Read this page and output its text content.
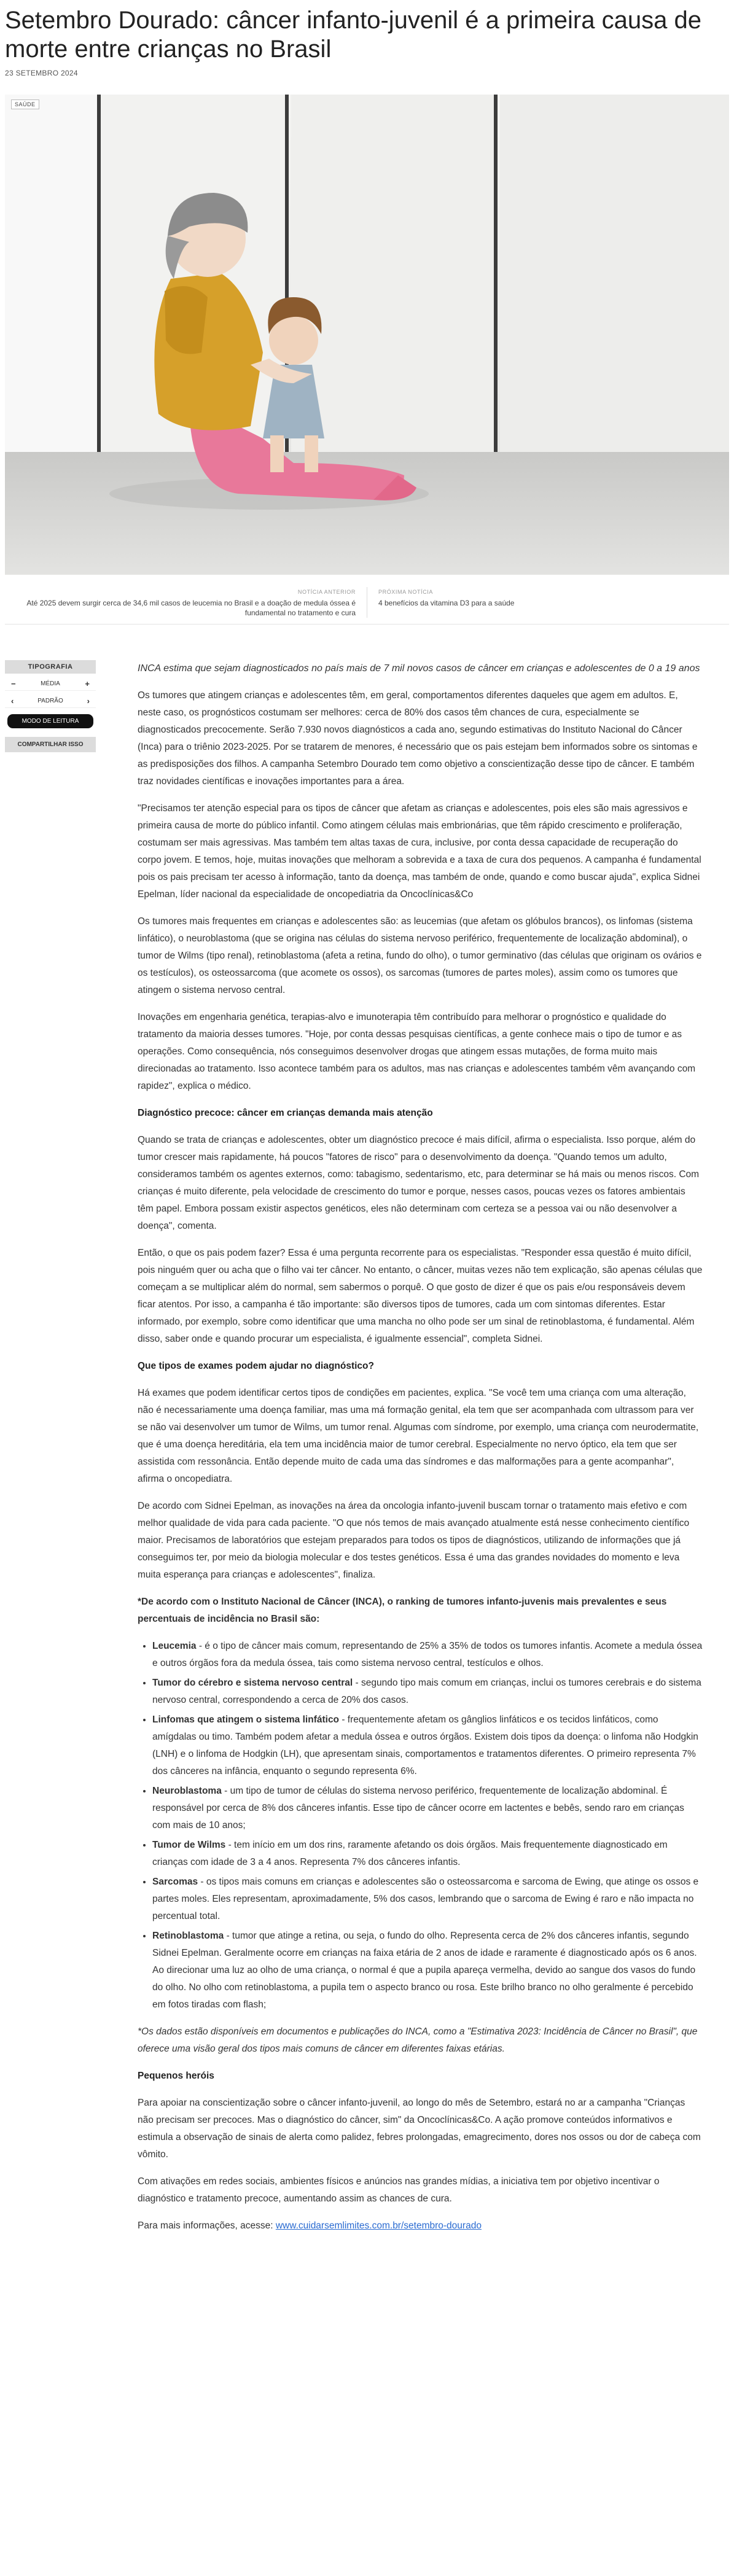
Setembro Dourado: câncer infanto-juvenil é a primeira causa de morte entre crianças no Brasil
23 SETEMBRO 2024
SAÚDE
NOTÍCIA ANTERIOR
Até 2025 devem surgir cerca de 34,6 mil casos de leucemia no Brasil e a doação de medula óssea é fundamental no tratamento e cura
PRÓXIMA NOTÍCIA
4 benefícios da vitamina D3 para a saúde
TIPOGRAFIA
−	MÉDIA	+
‹	PADRÃO	›
MODO DE LEITURA
COMPARTILHAR ISSO

INCA estima que sejam diagnosticados no país mais de 7 mil novos casos de câncer em crianças e adolescentes de 0 a 19 anos

Os tumores que atingem crianças e adolescentes têm, em geral, comportamentos diferentes daqueles que agem em adultos. E, neste caso, os prognósticos costumam ser melhores: cerca de 80% dos casos têm chances de cura, especialmente se diagnosticados precocemente. Serão 7.930 novos diagnósticos a cada ano, segundo estimativas do Instituto Nacional do Câncer (Inca) para o triênio 2023-2025. Por se tratarem de menores, é necessário que os pais estejam bem informados sobre os sintomas e as predisposições dos filhos. A campanha Setembro Dourado tem como objetivo a conscientização desse tipo de câncer. E também traz novidades científicas e inovações importantes para a área.

"Precisamos ter atenção especial para os tipos de câncer que afetam as crianças e adolescentes, pois eles são mais agressivos e primeira causa de morte do público infantil. Como atingem células mais embrionárias, que têm rápido crescimento e proliferação, costumam ser mais agressivas. Mas também tem altas taxas de cura, inclusive, por conta dessa capacidade de recuperação do corpo jovem. E temos, hoje, muitas inovações que melhoram a sobrevida e a taxa de cura dos pequenos. A campanha é fundamental pois os pais precisam ter acesso à informação, tanto da doença, mas também de onde, quando e como buscar ajuda", explica Sidnei Epelman, líder nacional da especialidade de oncopediatria da Oncoclínicas&Co

Os tumores mais frequentes em crianças e adolescentes são: as leucemias (que afetam os glóbulos brancos), os linfomas (sistema linfático), o neuroblastoma (que se origina nas células do sistema nervoso periférico, frequentemente de localização abdominal), o tumor de Wilms (tipo renal), retinoblastoma (afeta a retina, fundo do olho), o tumor germinativo (das células que originam os ovários e os testículos), os osteossarcoma (que acomete os ossos), os sarcomas (tumores de partes moles), assim como os tumores que atingem o sistema nervoso central.

Inovações em engenharia genética, terapias-alvo e imunoterapia têm contribuído para melhorar o prognóstico e qualidade do tratamento da maioria desses tumores. "Hoje, por conta dessas pesquisas científicas, a gente conhece mais o tipo de tumor e as operações. Como consequência, nós conseguimos desenvolver drogas que atingem essas mutações, de forma muito mais direcionadas ao tratamento. Isso acontece também para os adultos, mas nas crianças e adolescentes também vêm avançando com rapidez", explica o médico.

Diagnóstico precoce: câncer em crianças demanda mais atenção

Quando se trata de crianças e adolescentes, obter um diagnóstico precoce é mais difícil, afirma o especialista. Isso porque, além do tumor crescer mais rapidamente, há poucos "fatores de risco" para o desenvolvimento da doença. "Quando temos um adulto, consideramos também os agentes externos, como: tabagismo, sedentarismo, etc, para determinar se há mais ou menos riscos. Com crianças é muito diferente, pela velocidade de crescimento do tumor e porque, nesses casos, poucas vezes os fatores ambientais têm papel. Embora possam existir aspectos genéticos, eles não determinam com certeza se a pessoa vai ou não desenvolver a doença", comenta.

Então, o que os pais podem fazer? Essa é uma pergunta recorrente para os especialistas. "Responder essa questão é muito difícil, pois ninguém quer ou acha que o filho vai ter câncer. No entanto, o câncer, muitas vezes não tem explicação, são apenas células que começam a se multiplicar além do normal, sem sabermos o porquê. O que gosto de dizer é que os pais e/ou responsáveis devem ficar atentos. Por isso, a campanha é tão importante: são diversos tipos de tumores, cada um com sintomas diferentes. Estar informado, por exemplo, sobre como identificar que uma mancha no olho pode ser um sinal de retinoblastoma, é fundamental. Além disso, saber onde e quando procurar um especialista, é igualmente essencial", completa Sidnei.

Que tipos de exames podem ajudar no diagnóstico?

Há exames que podem identificar certos tipos de condições em pacientes, explica. "Se você tem uma criança com uma alteração, não é necessariamente uma doença familiar, mas uma má formação genital, ela tem que ser acompanhada com ultrassom para ver se não vai desenvolver um tumor de Wilms, um tumor renal. Algumas com síndrome, por exemplo, uma criança com neurodermatite, que é uma doença hereditária, ela tem uma incidência maior de tumor cerebral. Especialmente no nervo óptico, ela tem que ser assistida com ressonância. Então depende muito de cada uma das síndromes e das malformações para a gente acompanhar", afirma o oncopediatra.

De acordo com Sidnei Epelman, as inovações na área da oncologia infanto-juvenil buscam tornar o tratamento mais efetivo e com melhor qualidade de vida para cada paciente. "O que nós temos de mais avançado atualmente está nesse conhecimento científico maior. Precisamos de laboratórios que estejam preparados para todos os tipos de diagnósticos, utilizando de informações que já conseguimos ter, por meio da biologia molecular e dos testes genéticos. Essa é uma das grandes novidades do momento e leva muita esperança para crianças e adolescentes", finaliza.

*De acordo com o Instituto Nacional de Câncer (INCA), o ranking de tumores infanto-juvenis mais prevalentes e seus percentuais de incidência no Brasil são:

• Leucemia - é o tipo de câncer mais comum, representando de 25% a 35% de todos os tumores infantis. Acomete a medula óssea e outros órgãos fora da medula óssea, tais como sistema nervoso central, testículos e olhos.
• Tumor do cérebro e sistema nervoso central - segundo tipo mais comum em crianças, inclui os tumores cerebrais e do sistema nervoso central, correspondendo a cerca de 20% dos casos.
• Linfomas que atingem o sistema linfático - frequentemente afetam os gânglios linfáticos e os tecidos linfáticos, como amígdalas ou timo. Também podem afetar a medula óssea e outros órgãos. Existem dois tipos da doença: o linfoma não Hodgkin (LNH) e o linfoma de Hodgkin (LH), que apresentam sinais, comportamentos e tratamentos diferentes. O primeiro representa 7% dos cânceres na infância, enquanto o segundo representa 6%.
• Neuroblastoma - um tipo de tumor de células do sistema nervoso periférico, frequentemente de localização abdominal. É responsável por cerca de 8% dos cânceres infantis. Esse tipo de câncer ocorre em lactentes e bebês, sendo raro em crianças com mais de 10 anos;
• Tumor de Wilms - tem início em um dos rins, raramente afetando os dois órgãos. Mais frequentemente diagnosticado em crianças com idade de 3 a 4 anos. Representa 7% dos cânceres infantis.
• Sarcomas - os tipos mais comuns em crianças e adolescentes são o osteossarcoma e sarcoma de Ewing, que atinge os ossos e partes moles. Eles representam, aproximadamente, 5% dos casos, lembrando que o sarcoma de Ewing é raro e não impacta no percentual total.
• Retinoblastoma - tumor que atinge a retina, ou seja, o fundo do olho. Representa cerca de 2% dos cânceres infantis, segundo Sidnei Epelman. Geralmente ocorre em crianças na faixa etária de 2 anos de idade e raramente é diagnosticado após os 6 anos. Ao direcionar uma luz ao olho de uma criança, o normal é que a pupila apareça vermelha, devido ao sangue dos vasos do fundo do olho. No olho com retinoblastoma, a pupila tem o aspecto branco ou rosa. Este brilho branco no olho geralmente é percebido em fotos tiradas com flash;

*Os dados estão disponíveis em documentos e publicações do INCA, como a "Estimativa 2023: Incidência de Câncer no Brasil", que oferece uma visão geral dos tipos mais comuns de câncer em diferentes faixas etárias.

Pequenos heróis

Para apoiar na conscientização sobre o câncer infanto-juvenil, ao longo do mês de Setembro, estará no ar a campanha "Crianças não precisam ser precoces. Mas o diagnóstico do câncer, sim" da Oncoclínicas&Co. A ação promove conteúdos informativos e estimula a observação de sinais de alerta como palidez, febres prolongadas, emagrecimento, dores nos ossos ou dor de cabeça com vômito.

Com ativações em redes sociais, ambientes físicos e anúncios nas grandes mídias, a iniciativa tem por objetivo incentivar o diagnóstico e tratamento precoce, aumentando assim as chances de cura.

Para mais informações, acesse: www.cuidarsemlimites.com.br/setembro-dourado
